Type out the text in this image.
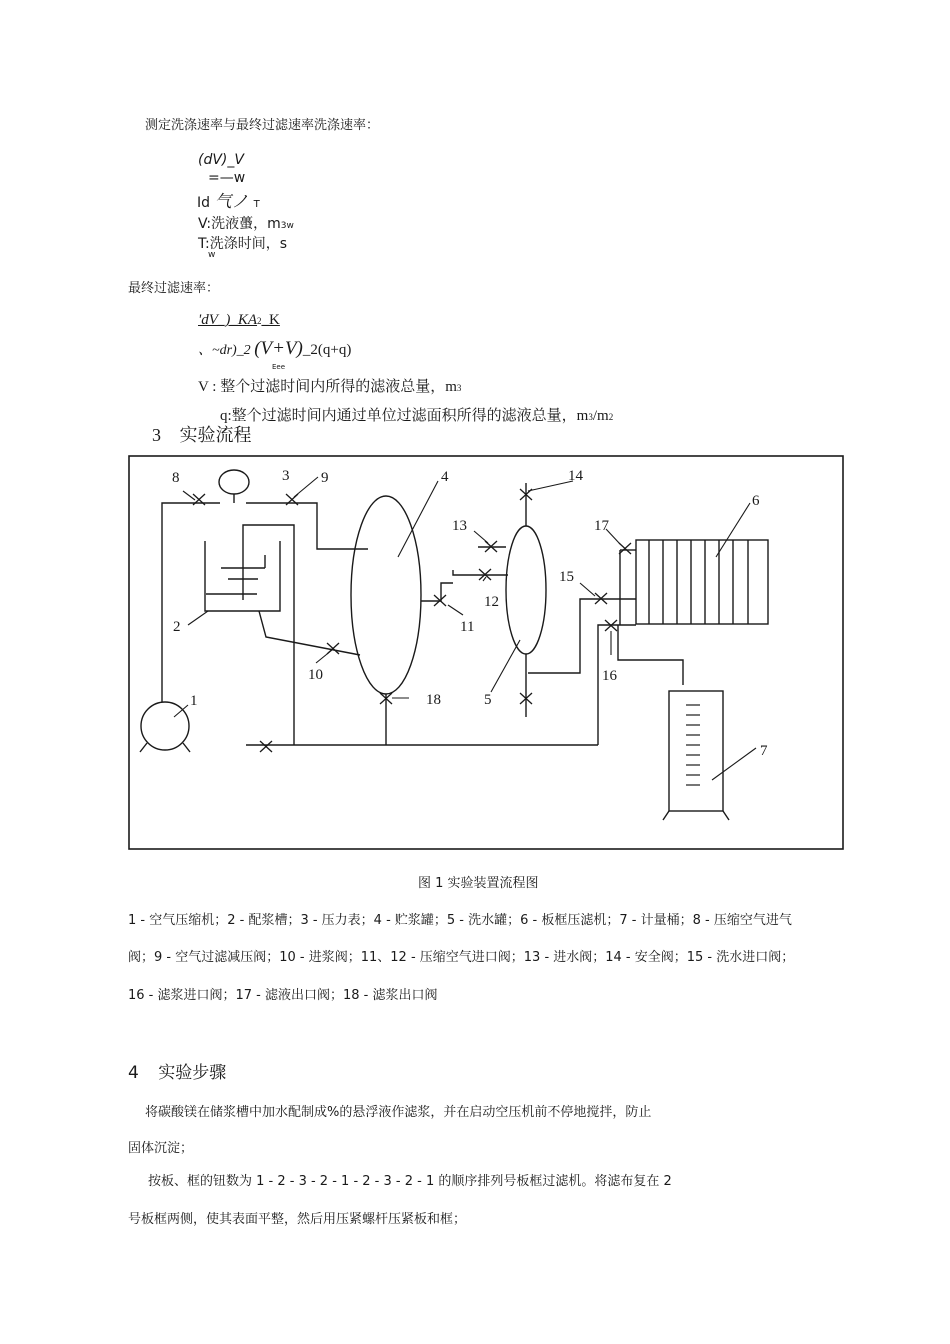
测定洗涤速率与最终过滤速率洗涤速率：
(dV)_V
=—w
Id 气ノ T
V:洗液蠆，m3w
T:洗涤时间，s
w
最终过滤速率：
'dV_)_KA2_K
、~dr)_2 (V+V)_2(q+q)
Eee
V : 整个过滤时间内所得的滤液总量，m3
q:整个过滤时间内通过单位过滤面积所得的滤液总量，m3/m2
3 实验流程
1
2
3	4
5
6
7
8	9
10
11
12
13
14
15
16
17
18
图 1 实验装置流程图
1 - 空气压缩机；2 - 配浆槽；3 - 压力表；4 - 贮浆罐；5 - 洗水罐；6 - 板框压滤机；7 - 计量桶；8 - 压缩空气进气
阀；9 - 空气过滤减压阀；10 - 进浆阀；11、12 - 压缩空气进口阀；13 - 进水阀；14 - 安全阀；15 - 洗水进口阀；
16 - 滤浆进口阀；17 - 滤液出口阀；18 - 滤浆出口阀
4 实验步骤
将碳酸镁在储浆槽中加水配制成%的悬浮液作滤浆，并在启动空压机前不停地搅拌，防止
固体沉淀；
按板、框的钮数为 1 - 2 - 3 - 2 - 1 - 2 - 3 - 2 - 1 的顺序排列号板框过滤机。将滤布复在 2
号板框两侧，使其表面平整，然后用压紧螺杆压紧板和框；
